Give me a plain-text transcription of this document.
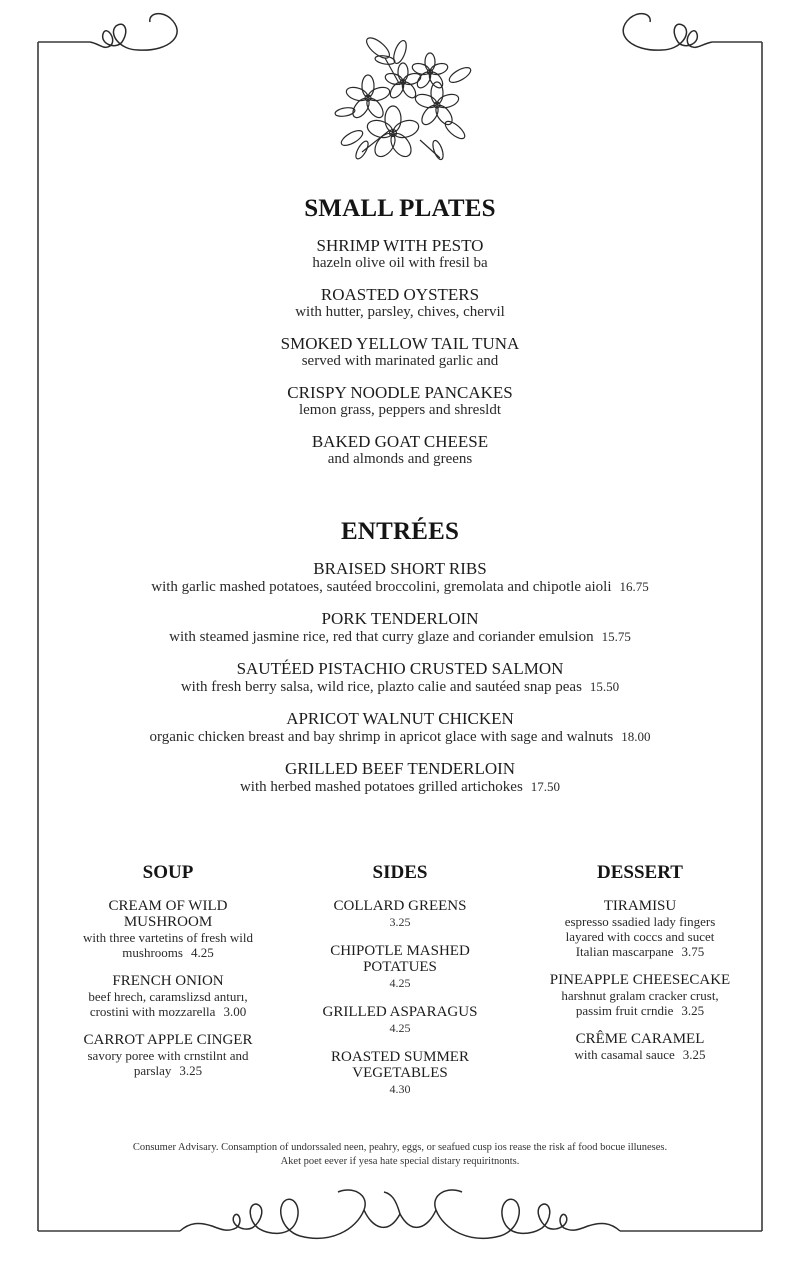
SMALL PLATES
SHRIMP WITH PESTO
hazeln olive oil with fresil ba
ROASTED OYSTERS
with hutter, parsley, chives, chervil
SMOKED YELLOW TAIL TUNA
served with marinated garlic and
CRISPY NOODLE PANCAKES
lemon grass, peppers and shresldt
BAKED GOAT CHEESE
and almonds and greens
ENTRÉES
BRAISED SHORT RIBS
with garlic mashed potatoes, sautéed broccolini, gremolata and chipotle aioli 16.75
PORK TENDERLOIN
with steamed jasmine rice, red that curry glaze and coriander emulsion 15.75
SAUTÉED PISTACHIO CRUSTED SALMON
with fresh berry salsa, wild rice, plazto calie and sautéed snap peas 15.50
APRICOT WALNUT CHICKEN
organic chicken breast and bay shrimp in apricot glace with sage and walnuts 18.00
GRILLED BEEF TENDERLOIN
with herbed mashed potatoes grilled artichokes 17.50
SOUP
CREAM OF WILD
MUSHROOM
with three vartetins of fresh wild
mushrooms 4.25
FRENCH ONION
beef hrech, caramslizsd anturı,
crostini with mozzarella 3.00
CARROT APPLE CINGER
savory poree with crnstilnt and
parslay 3.25
SIDES
COLLARD GREENS
3.25
CHIPOTLE MASHED
POTATUES
4.25
GRILLED ASPARAGUS
4.25
ROASTED SUMMER
VEGETABLES
4.30
DESSERT
TIRAMISU
espresso ssadied lady fingers
layared with coccs and sucet
Italian mascarpane 3.75
PINEAPPLE CHEESECAKE
harshnut gralam cracker crust,
passim fruit crndie 3.25
CRÊME CARAMEL
with casamal sauce 3.25
Consumer Advisary. Consamption of undorssaled neen, peahry, eggs, or seafued cusp ios rease the risk af food bocue illuneses.
Aket poet eever if yesa hate special distary requiritnonts.
